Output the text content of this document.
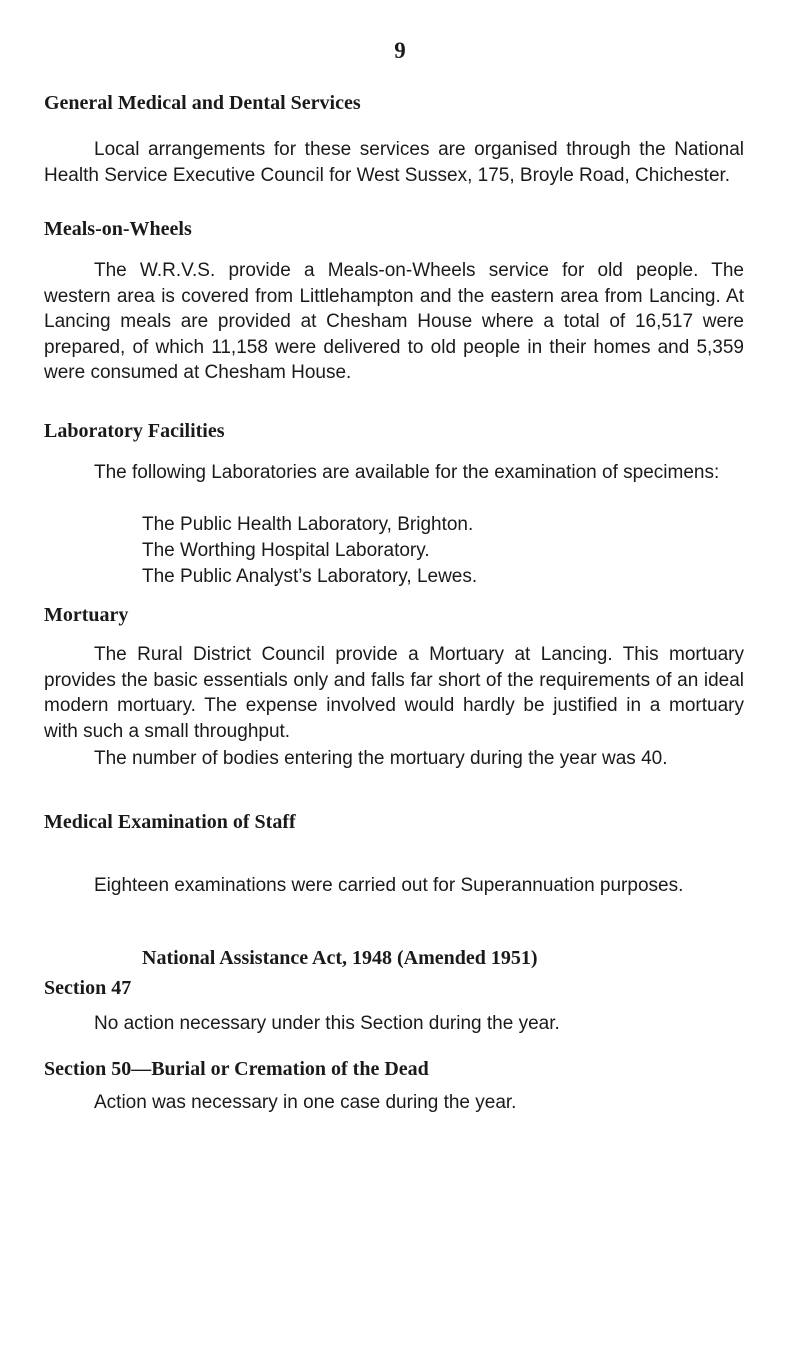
9
General Medical and Dental Services

Local arrangements for these services are organised through the National Health Service Executive Council for West Sussex, 175, Broyle Road, Chichester.

Meals-on-Wheels

The W.R.V.S. provide a Meals-on-Wheels service for old people. The western area is covered from Littlehampton and the eastern area from Lancing. At Lancing meals are provided at Chesham House where a total of 16,517 were prepared, of which 11,158 were delivered to old people in their homes and 5,359 were consumed at Chesham House.

Laboratory Facilities

The following Laboratories are available for the examination of specimens:

The Public Health Laboratory, Brighton.
The Worthing Hospital Laboratory.
The Public Analyst’s Laboratory, Lewes.
Mortuary

The Rural District Council provide a Mortuary at Lancing. This mortuary provides the basic essentials only and falls far short of the requirements of an ideal modern mortuary. The expense involved would hardly be justified in a mortuary with such a small throughput.

The number of bodies entering the mortuary during the year was 40.

Medical Examination of Staff

Eighteen examinations were carried out for Superannuation purposes.

National Assistance Act, 1948 (Amended 1951)
Section 47

No action necessary under this Section during the year.

Section 50—Burial or Cremation of the Dead

Action was necessary in one case during the year.
